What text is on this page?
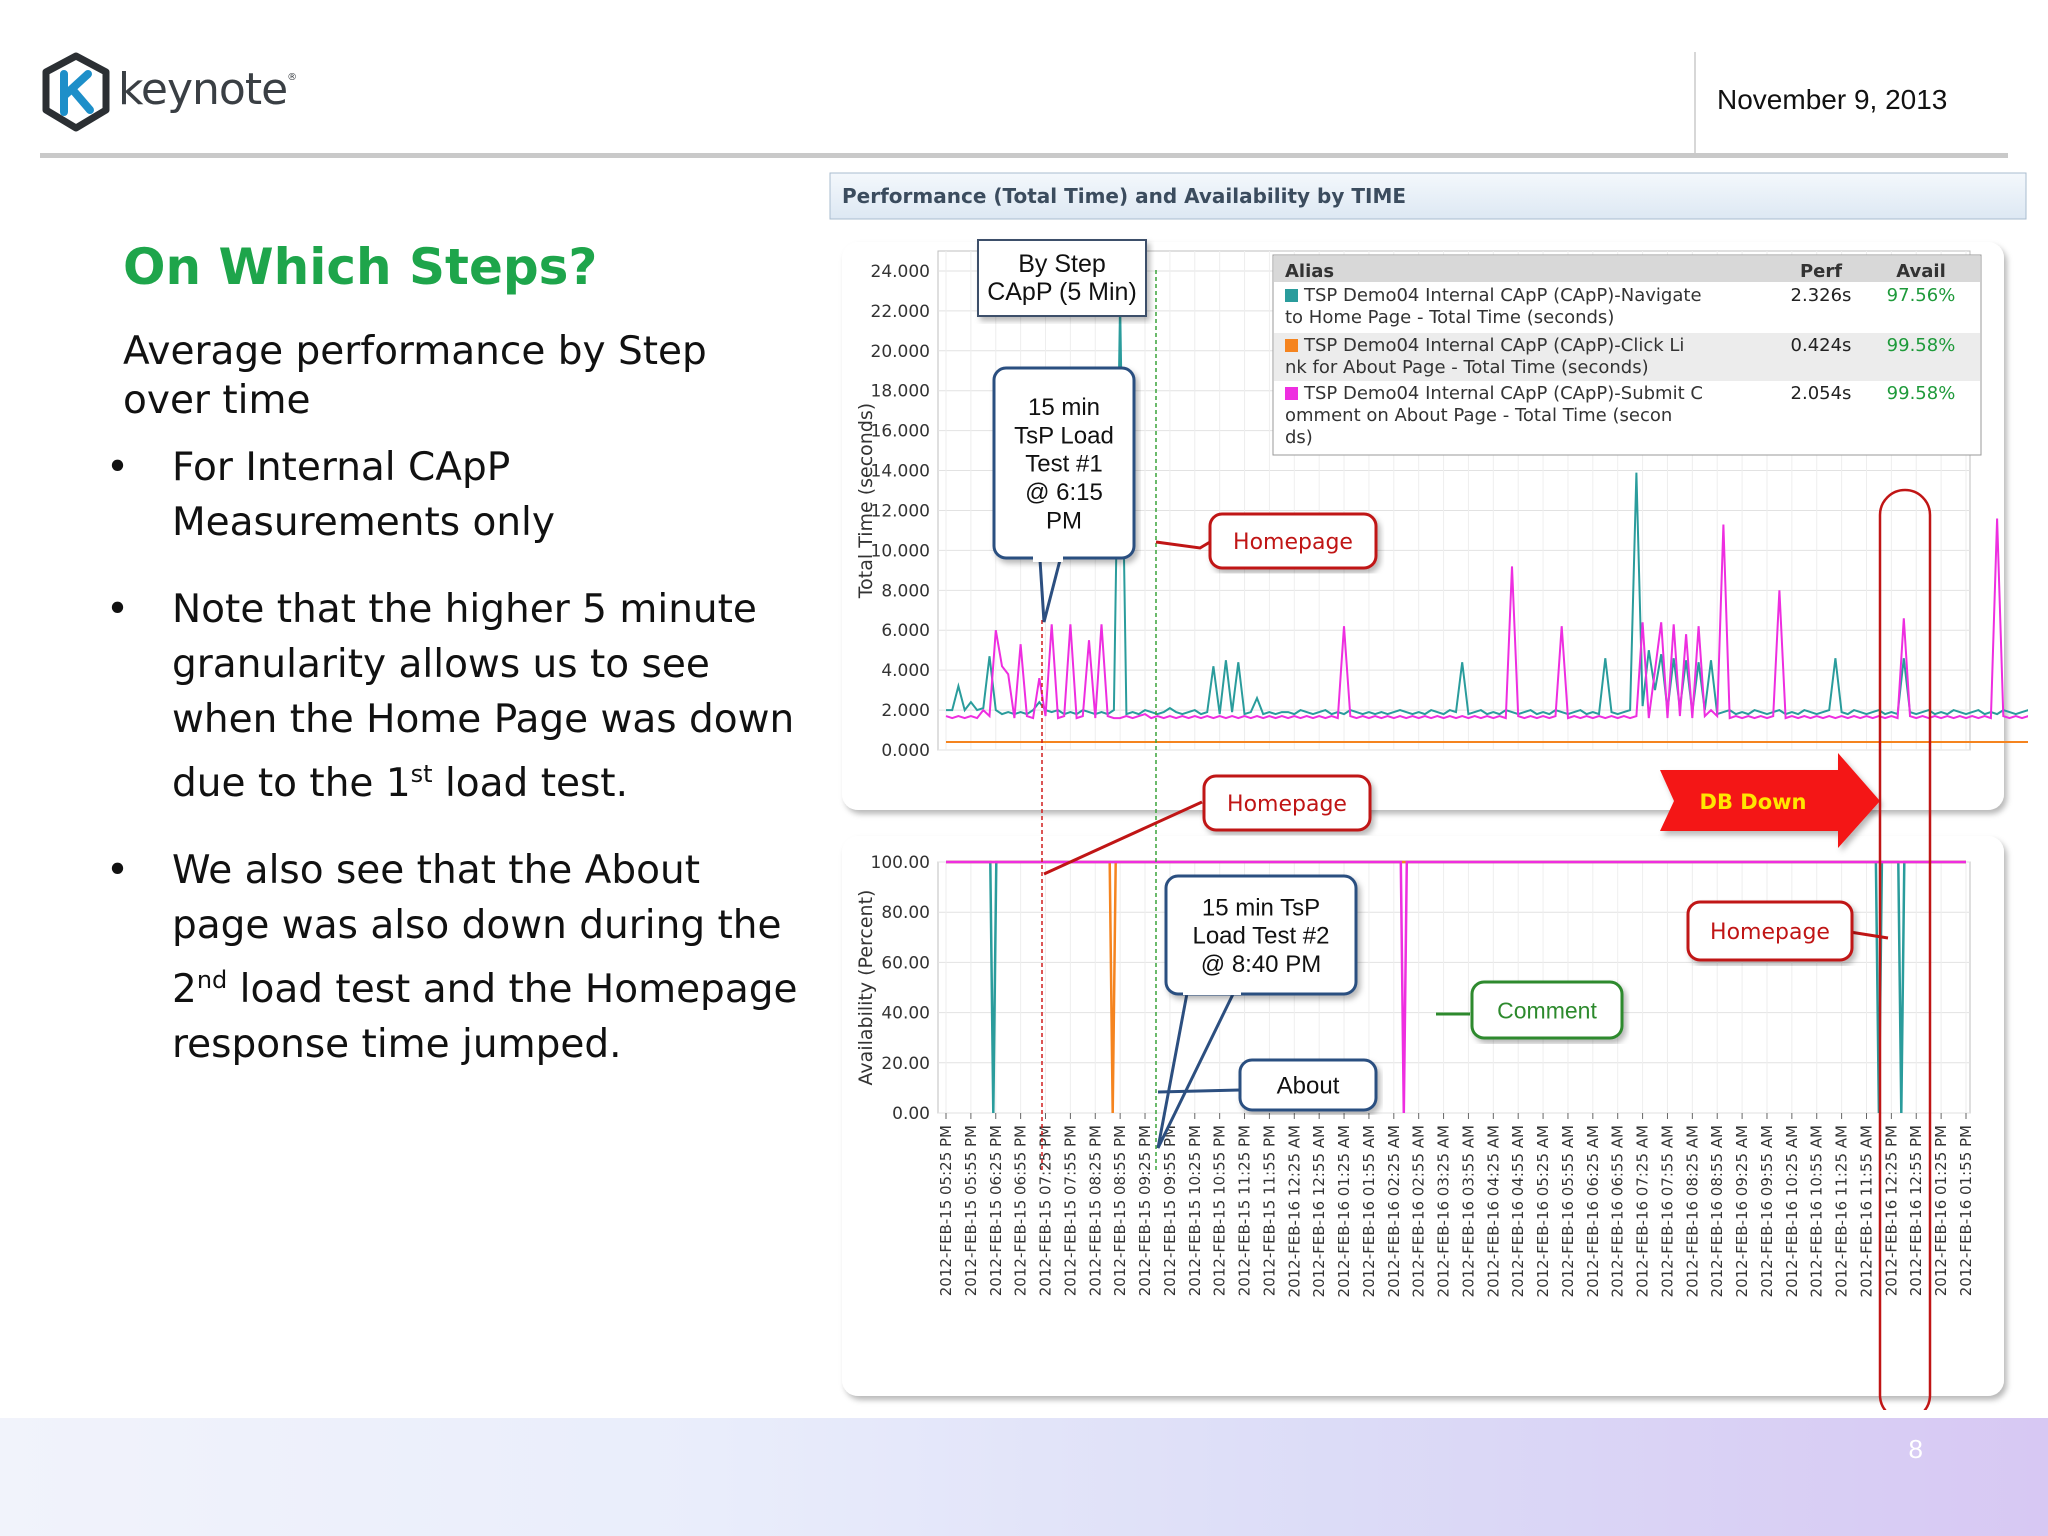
keynote®
November 9, 2013
On Which Steps?
Average performance by Step over time
• For Internal CApP Measurements only
• Note that the higher 5 minute granularity allows us to see when the Home Page was down due to the 1st load test.
• We also see that the About page was also down during the 2nd load test and the Homepage response time jumped.
Performance (Total Time) and Availability by TIME
24.000
22.000
20.000
18.000
16.000
14.000
12.000
10.000
8.000
6.000
4.000
2.000
0.000
Total Time (seconds)
100.00
80.00
60.00
40.00
20.00
0.00
Availability (Percent)
2012-FEB-15 05:25 PM 2012-FEB-15 05:55 PM 2012-FEB-15 06:25 PM 2012-FEB-15 06:55 PM 2012-FEB-15 07:25 PM 2012-FEB-15 07:55 PM 2012-FEB-15 08:25 PM 2012-FEB-15 08:55 PM 2012-FEB-15 09:25 PM 2012-FEB-15 09:55 PM 2012-FEB-15 10:25 PM 2012-FEB-15 10:55 PM 2012-FEB-15 11:25 PM 2012-FEB-15 11:55 PM 2012-FEB-16 12:25 AM 2012-FEB-16 12:55 AM 2012-FEB-16 01:25 AM 2012-FEB-16 01:55 AM 2012-FEB-16 02:25 AM 2012-FEB-16 02:55 AM 2012-FEB-16 03:25 AM 2012-FEB-16 03:55 AM 2012-FEB-16 04:25 AM 2012-FEB-16 04:55 AM 2012-FEB-16 05:25 AM 2012-FEB-16 05:55 AM 2012-FEB-16 06:25 AM 2012-FEB-16 06:55 AM 2012-FEB-16 07:25 AM 2012-FEB-16 07:55 AM 2012-FEB-16 08:25 AM 2012-FEB-16 08:55 AM 2012-FEB-16 09:25 AM 2012-FEB-16 09:55 AM 2012-FEB-16 10:25 AM 2012-FEB-16 10:55 AM 2012-FEB-16 11:25 AM 2012-FEB-16 11:55 AM 2012-FEB-16 12:25 PM 2012-FEB-16 12:55 PM 2012-FEB-16 01:25 PM 2012-FEB-16 01:55 PM
Alias	Perf	Avail
TSP Demo04 Internal CApP (CApP)-Navigate
to Home Page - Total Time (seconds)
2.326s 97.56%
TSP Demo04 Internal CApP (CApP)-Click Li
nk for About Page - Total Time (seconds)
0.424s 99.58%
TSP Demo04 Internal CApP (CApP)-Submit C
omment on About Page - Total Time (secon
ds)
2.054s 99.58%
By Step
CApP (5 Min)
15 min
TsP Load
Test #1
@ 6:15
PM
Homepage
DB Down
Homepage
15 min TsP
Load Test #2
@ 8:40 PM
Homepage
Comment
About
8
